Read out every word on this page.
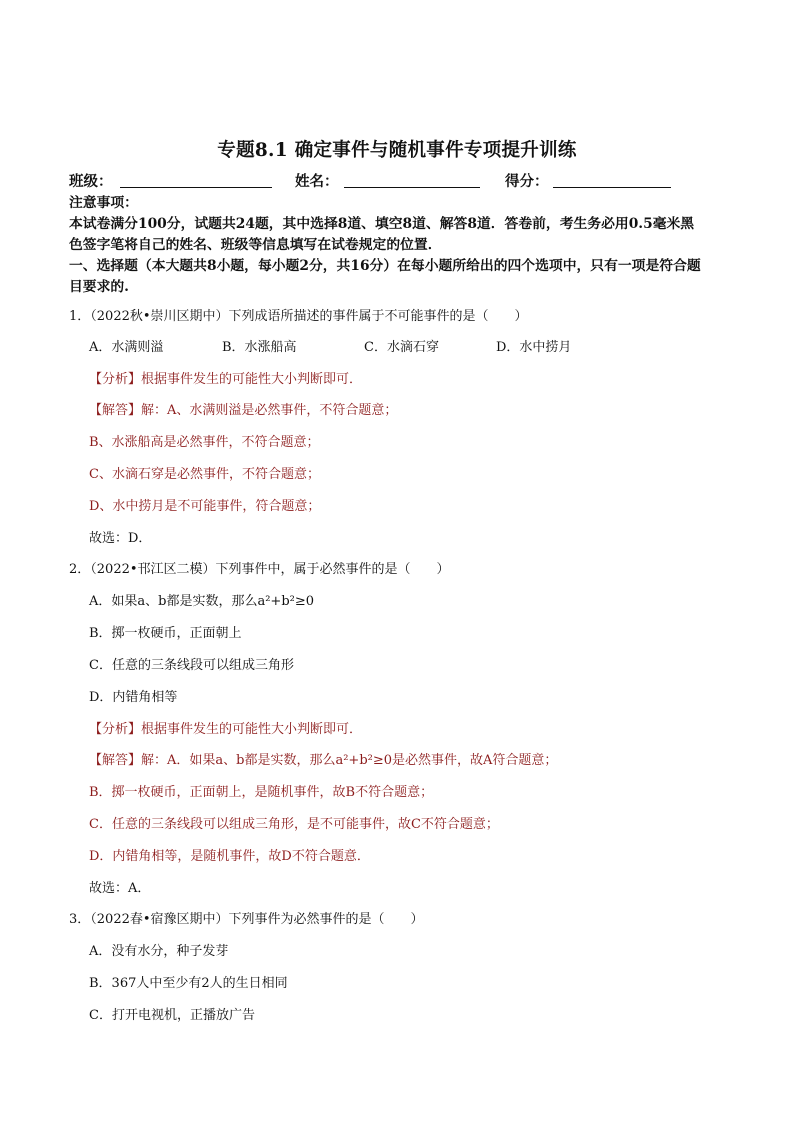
专题8.1 确定事件与随机事件专项提升训练
班级：	姓名：	得分：
注意事项：
本试卷满分100分，试题共24题，其中选择8道、填空8道、解答8道．答卷前，考生务必用0.5毫米黑
色签字笔将自己的姓名、班级等信息填写在试卷规定的位置．
一、选择题（本大题共8小题，每小题2分，共16分）在每小题所给出的四个选项中，只有一项是符合题
目要求的.
1．（2022秋•崇川区期中）下列成语所描述的事件属于不可能事件的是（　　）
A．水满则溢	B．水涨船高	C．水滴石穿	D．水中捞月
【分析】根据事件发生的可能性大小判断即可．
【解答】解：A、水满则溢是必然事件，不符合题意；
B、水涨船高是必然事件，不符合题意；
C、水滴石穿是必然事件，不符合题意；
D、水中捞月是不可能事件，符合题意；
故选：D．
2．（2022•邗江区二模）下列事件中，属于必然事件的是（　　）
A．如果a、b都是实数，那么a²+b²≥0
B．掷一枚硬币，正面朝上
C．任意的三条线段可以组成三角形
D．内错角相等
【分析】根据事件发生的可能性大小判断即可．
【解答】解：A．如果a、b都是实数，那么a²+b²≥0是必然事件，故A符合题意；
B．掷一枚硬币，正面朝上，是随机事件，故B不符合题意；
C．任意的三条线段可以组成三角形，是不可能事件，故C不符合题意；
D．内错角相等，是随机事件，故D不符合题意．
故选：A．
3．（2022春•宿豫区期中）下列事件为必然事件的是（　　）
A．没有水分，种子发芽
B．367人中至少有2人的生日相同
C．打开电视机，正播放广告
